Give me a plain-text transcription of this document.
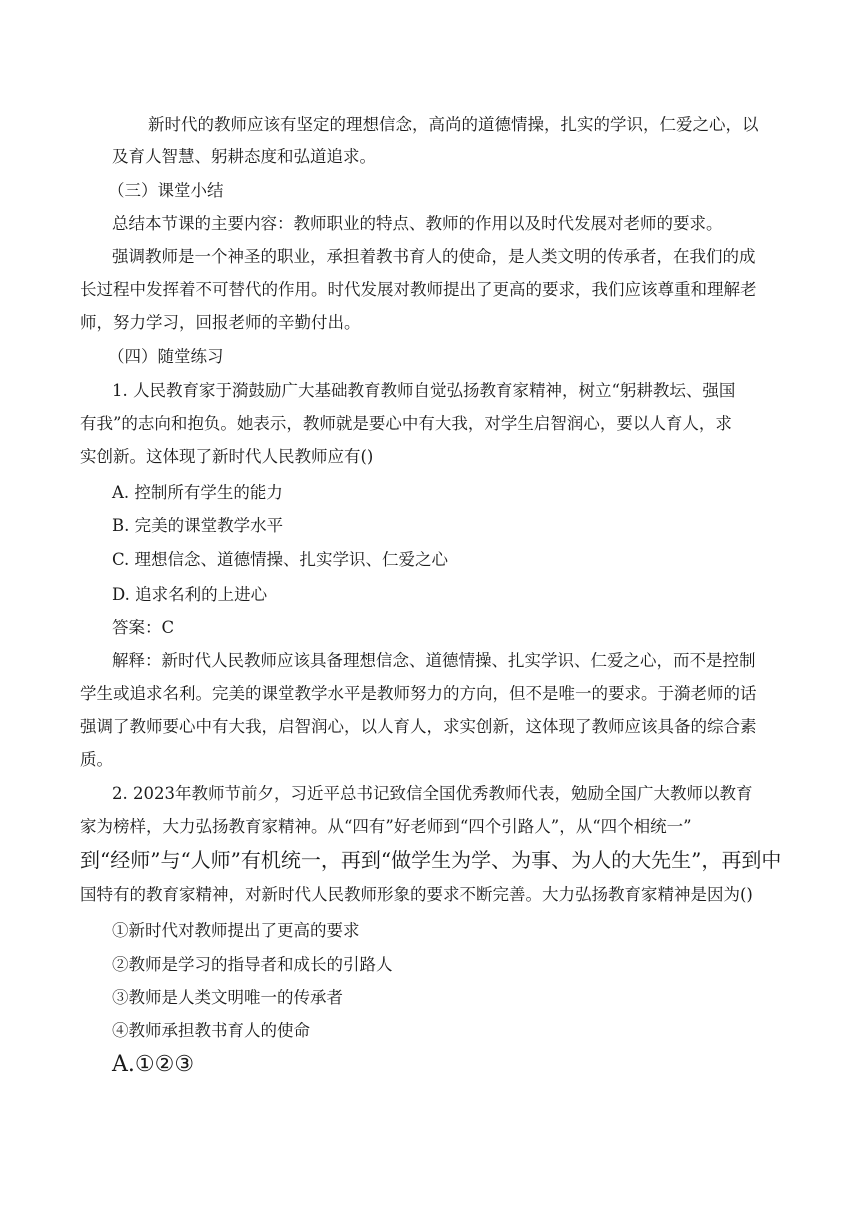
新时代的教师应该有坚定的理想信念，高尚的道德情操，扎实的学识，仁爱之心，以
及育人智慧、躬耕态度和弘道追求。
（三）课堂小结
总结本节课的主要内容：教师职业的特点、教师的作用以及时代发展对老师的要求。
强调教师是一个神圣的职业，承担着教书育人的使命，是人类文明的传承者，在我们的成
长过程中发挥着不可替代的作用。时代发展对教师提出了更高的要求，我们应该尊重和理解老
师，努力学习，回报老师的辛勤付出。
（四）随堂练习
1. 人民教育家于漪鼓励广大基础教育教师自觉弘扬教育家精神，树立“躬耕教坛、强国
有我”的志向和抱负。她表示，教师就是要心中有大我，对学生启智润心，要以人育人，求
实创新。这体现了新时代人民教师应有()
A. 控制所有学生的能力
B. 完美的课堂教学水平
C. 理想信念、道德情操、扎实学识、仁爱之心
D. 追求名利的上进心
答案：C
解释：新时代人民教师应该具备理想信念、道德情操、扎实学识、仁爱之心，而不是控制
学生或追求名利。完美的课堂教学水平是教师努力的方向，但不是唯一的要求。于漪老师的话
强调了教师要心中有大我，启智润心，以人育人，求实创新，这体现了教师应该具备的综合素
质。
2. 2023年教师节前夕，习近平总书记致信全国优秀教师代表，勉励全国广大教师以教育
家为榜样，大力弘扬教育家精神。从“四有”好老师到“四个引路人”，从“四个相统一”
到“经师”与“人师”有机统一，再到“做学生为学、为事、为人的大先生”，再到中
国特有的教育家精神，对新时代人民教师形象的要求不断完善。大力弘扬教育家精神是因为()
①新时代对教师提出了更高的要求
②教师是学习的指导者和成长的引路人
③教师是人类文明唯一的传承者
④教师承担教书育人的使命
A.①②③
